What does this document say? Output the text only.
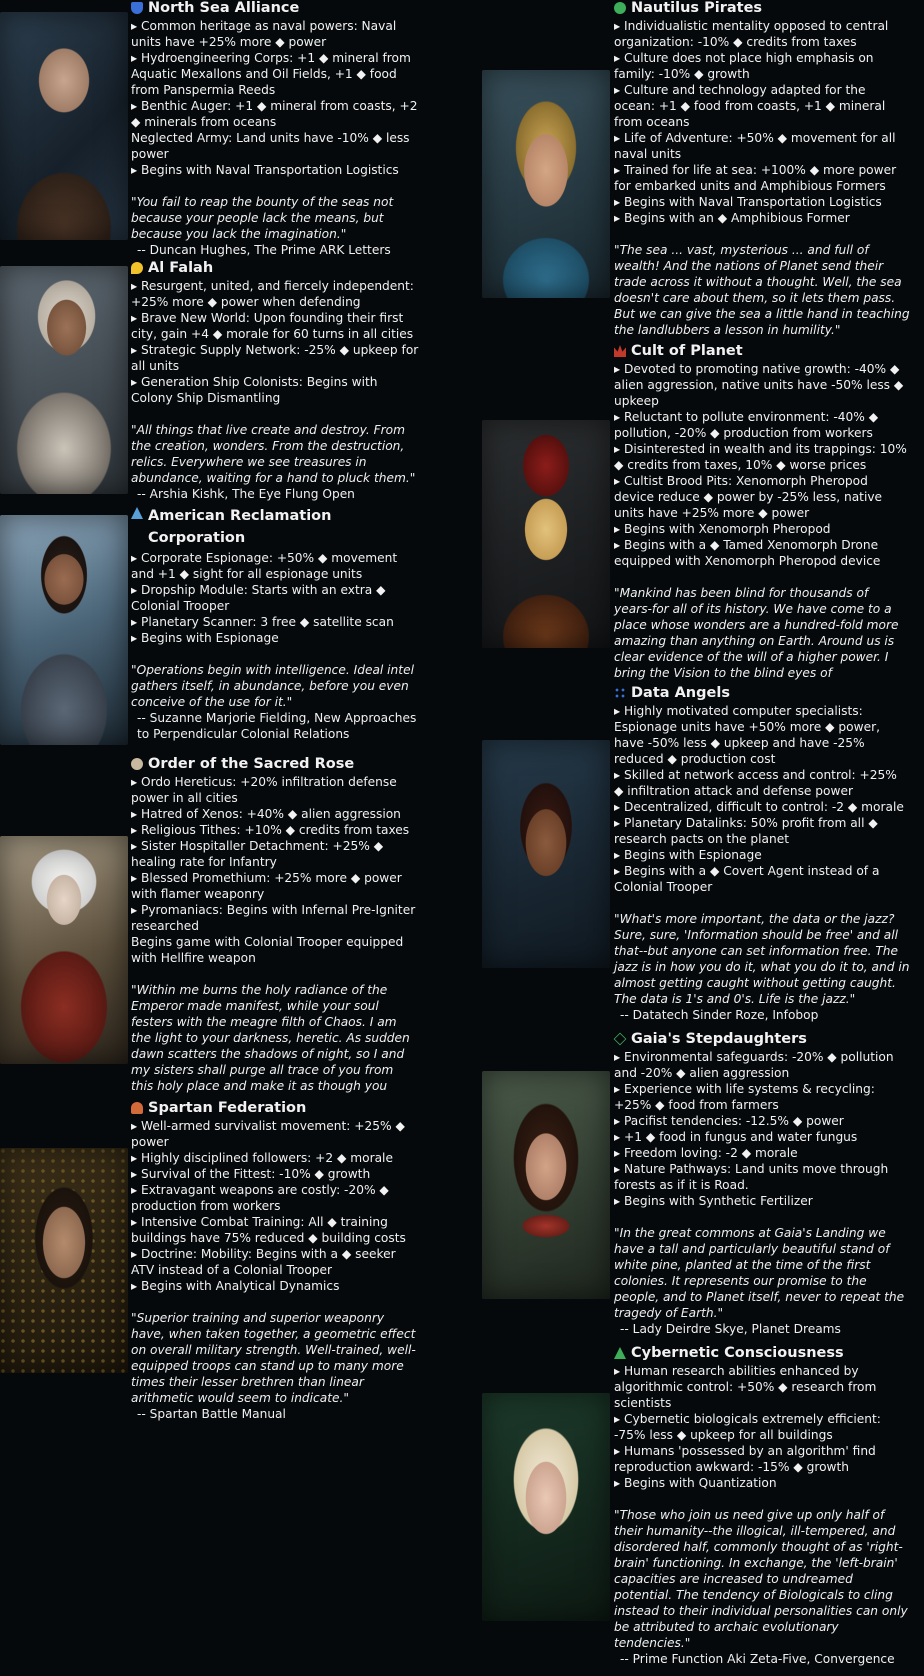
North Sea Alliance
▸ Common heritage as naval powers: Naval units have +25% more ◆ power
▸ Hydroengineering Corps: +1 ◆ mineral from Aquatic Mexallons and Oil Fields, +1 ◆ food from Panspermia Reeds
▸ Benthic Auger: +1 ◆ mineral from coasts, +2 ◆ minerals from oceans
Neglected Army: Land units have -10% ◆ less power
▸ Begins with Naval Transportation Logistics
"You fail to reap the bounty of the seas not because your people lack the means, but because you lack the imagination."
-- Duncan Hughes, The Prime ARK Letters
Al Falah
▸ Resurgent, united, and fiercely independent: +25% more ◆ power when defending
▸ Brave New World: Upon founding their first city, gain +4 ◆ morale for 60 turns in all cities
▸ Strategic Supply Network: -25% ◆ upkeep for all units
▸ Generation Ship Colonists: Begins with Colony Ship Dismantling
"All things that live create and destroy. From the creation, wonders. From the destruction, relics. Everywhere we see treasures in abundance, waiting for a hand to pluck them."
-- Arshia Kishk, The Eye Flung Open
American Reclamation Corporation
▸ Corporate Espionage: +50% ◆ movement and +1 ◆ sight for all espionage units
▸ Dropship Module: Starts with an extra ◆ Colonial Trooper
▸ Planetary Scanner: 3 free ◆ satellite scan
▸ Begins with Espionage
"Operations begin with intelligence. Ideal intel gathers itself, in abundance, before you even conceive of the use for it."
-- Suzanne Marjorie Fielding, New Approaches to Perpendicular Colonial Relations
Order of the Sacred Rose
▸ Ordo Hereticus: +20% infiltration defense power in all cities
▸ Hatred of Xenos: +40% ◆ alien aggression
▸ Religious Tithes: +10% ◆ credits from taxes
▸ Sister Hospitaller Detachment: +25% ◆ healing rate for Infantry
▸ Blessed Promethium: +25% more ◆ power with flamer weaponry
▸ Pyromaniacs: Begins with Infernal Pre-Igniter researched
Begins game with Colonial Trooper equipped with Hellfire weapon
"Within me burns the holy radiance of the Emperor made manifest, while your soul festers with the meagre filth of Chaos. I am the light to your darkness, heretic. As sudden dawn scatters the shadows of night, so I and my sisters shall purge all trace of you from this holy place and make it as though you
Spartan Federation
▸ Well-armed survivalist movement: +25% ◆ power
▸ Highly disciplined followers: +2 ◆ morale
▸ Survival of the Fittest: -10% ◆ growth
▸ Extravagant weapons are costly: -20% ◆ production from workers
▸ Intensive Combat Training: All ◆ training buildings have 75% reduced ◆ building costs
▸ Doctrine: Mobility: Begins with a ◆ seeker ATV instead of a Colonial Trooper
▸ Begins with Analytical Dynamics
"Superior training and superior weaponry have, when taken together, a geometric effect on overall military strength. Well-trained, well-equipped troops can stand up to many more times their lesser brethren than linear arithmetic would seem to indicate."
-- Spartan Battle Manual
Nautilus Pirates
▸ Individualistic mentality opposed to central organization: -10% ◆ credits from taxes
▸ Culture does not place high emphasis on family: -10% ◆ growth
▸ Culture and technology adapted for the ocean: +1 ◆ food from coasts, +1 ◆ mineral from oceans
▸ Life of Adventure: +50% ◆ movement for all naval units
▸ Trained for life at sea: +100% ◆ more power for embarked units and Amphibious Formers
▸ Begins with Naval Transportation Logistics
▸ Begins with an ◆ Amphibious Former
"The sea ... vast, mysterious ... and full of wealth! And the nations of Planet send their trade across it without a thought. Well, the sea doesn't care about them, so it lets them pass. But we can give the sea a little hand in teaching the landlubbers a lesson in humility."
Cult of Planet
▸ Devoted to promoting native growth: -40% ◆ alien aggression, native units have -50% less ◆ upkeep
▸ Reluctant to pollute environment: -40% ◆ pollution, -20% ◆ production from workers
▸ Disinterested in wealth and its trappings: 10% ◆ credits from taxes, 10% ◆ worse prices
▸ Cultist Brood Pits: Xenomorph Pheropod device reduce ◆ power by -25% less, native units have +25% more ◆ power
▸ Begins with Xenomorph Pheropod
▸ Begins with a ◆ Tamed Xenomorph Drone equipped with Xenomorph Pheropod device
"Mankind has been blind for thousands of years-for all of its history. We have come to a place whose wonders are a hundred-fold more amazing than anything on Earth. Around us is clear evidence of the will of a higher power. I bring the Vision to the blind eyes of
Data Angels
▸ Highly motivated computer specialists: Espionage units have +50% more ◆ power, have -50% less ◆ upkeep and have -25% reduced ◆ production cost
▸ Skilled at network access and control: +25% ◆ infiltration attack and defense power
▸ Decentralized, difficult to control: -2 ◆ morale
▸ Planetary Datalinks: 50% profit from all ◆ research pacts on the planet
▸ Begins with Espionage
▸ Begins with a ◆ Covert Agent instead of a Colonial Trooper
"What's more important, the data or the jazz? Sure, sure, 'Information should be free' and all that--but anyone can set information free. The jazz is in how you do it, what you do it to, and in almost getting caught without getting caught. The data is 1's and 0's. Life is the jazz."
-- Datatech Sinder Roze, Infobop
Gaia's Stepdaughters
▸ Environmental safeguards: -20% ◆ pollution and -20% ◆ alien aggression
▸ Experience with life systems & recycling: +25% ◆ food from farmers
▸ Pacifist tendencies: -12.5% ◆ power
▸ +1 ◆ food in fungus and water fungus
▸ Freedom loving: -2 ◆ morale
▸ Nature Pathways: Land units move through forests as if it is Road.
▸ Begins with Synthetic Fertilizer
"In the great commons at Gaia's Landing we have a tall and particularly beautiful stand of white pine, planted at the time of the first colonies. It represents our promise to the people, and to Planet itself, never to repeat the tragedy of Earth."
-- Lady Deirdre Skye, Planet Dreams
Cybernetic Consciousness
▸ Human research abilities enhanced by algorithmic control: +50% ◆ research from scientists
▸ Cybernetic biologicals extremely efficient: -75% less ◆ upkeep for all buildings
▸ Humans 'possessed by an algorithm' find reproduction awkward: -15% ◆ growth
▸ Begins with Quantization
"Those who join us need give up only half of their humanity--the illogical, ill-tempered, and disordered half, commonly thought of as 'right-brain' functioning. In exchange, the 'left-brain' capacities are increased to undreamed potential. The tendency of Biologicals to cling instead to their individual personalities can only be attributed to archaic evolutionary tendencies."
-- Prime Function Aki Zeta-Five, Convergence
